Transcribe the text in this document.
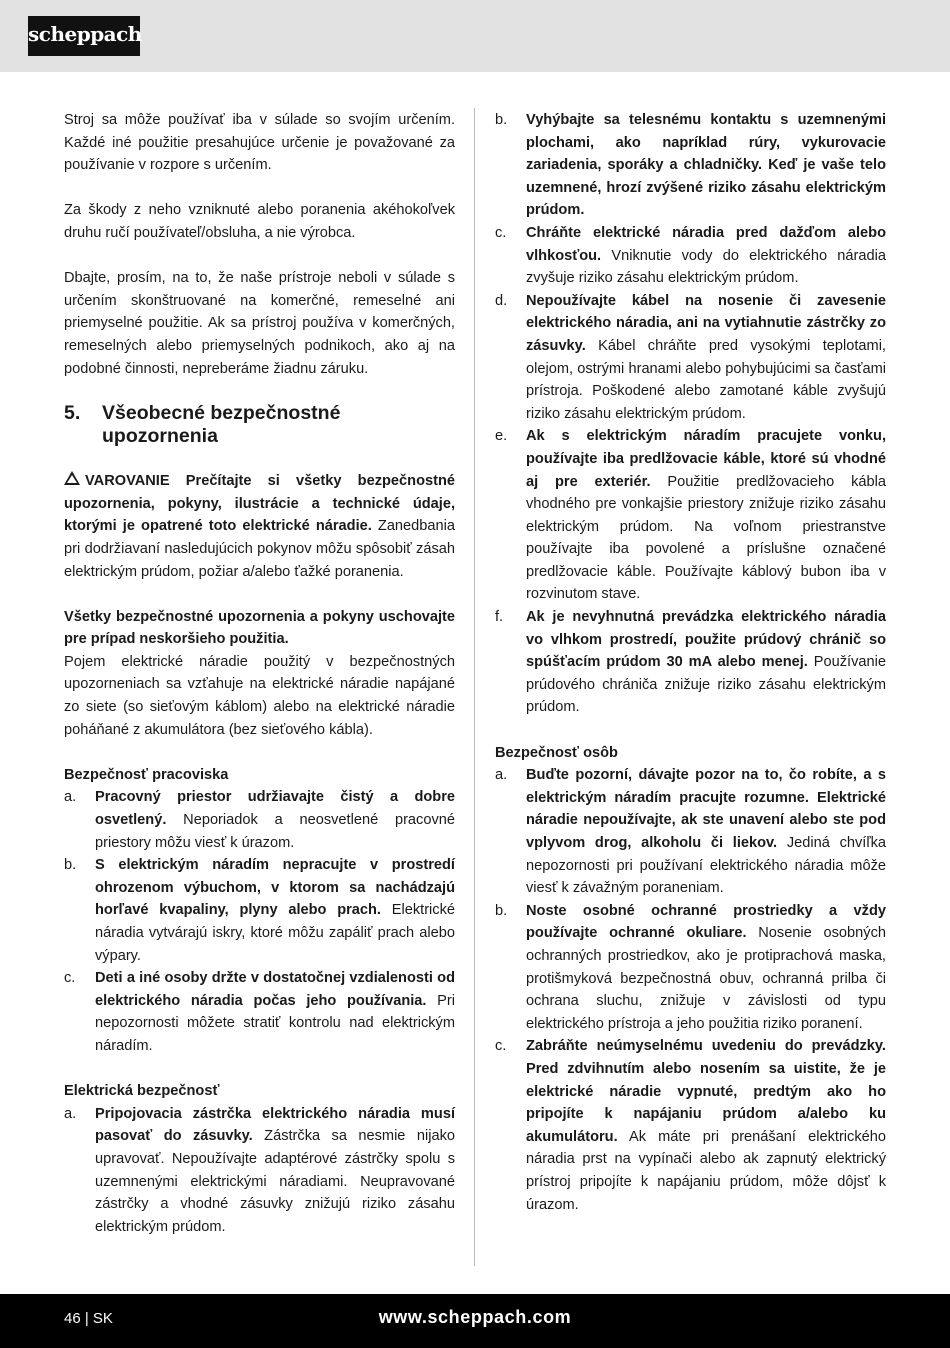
scheppach

Stroj sa môže používať iba v súlade so svojím určením. Každé iné použitie presahujúce určenie je považované za používanie v rozpore s určením.

Za škody z neho vzniknuté alebo poranenia akéhokoľvek druhu ručí používateľ/obsluha, a nie výrobca.

Dbajte, prosím, na to, že naše prístroje neboli v súlade s určením skonštruované na komerčné, remeselné ani priemyselné použitie. Ak sa prístroj používa v komerčných, remeselných alebo priemyselných podnikoch, ako aj na podobné činnosti, nepreberáme žiadnu záruku.

5.	Všeobecné bezpečnostné upozornenia

VAROVANIE Prečítajte si všetky bezpečnostné upozornenia, pokyny, ilustrácie a technické údaje, ktorými je opatrené toto elektrické náradie. Zanedbania pri dodržiavaní nasledujúcich pokynov môžu spôsobiť zásah elektrickým prúdom, požiar a/alebo ťažké poranenia.

Všetky bezpečnostné upozornenia a pokyny uschovajte pre prípad neskoršieho použitia.

Pojem elektrické náradie použitý v bezpečnostných upozorneniach sa vzťahuje na elektrické náradie napájané zo siete (so sieťovým káblom) alebo na elektrické náradie poháňané z akumulátora (bez sieťového kábla).

Bezpečnosť pracoviska

a.	Pracovný priestor udržiavajte čistý a dobre osvetlený. Neporiadok a neosvetlené pracovné priestory môžu viesť k úrazom.
b.	S elektrickým náradím nepracujte v prostredí ohrozenom výbuchom, v ktorom sa nachádzajú horľavé kvapaliny, plyny alebo prach. Elektrické náradia vytvárajú iskry, ktoré môžu zapáliť prach alebo výpary.
c.	Deti a iné osoby držte v dostatočnej vzdialenosti od elektrického náradia počas jeho používania. Pri nepozornosti môžete stratiť kontrolu nad elektrickým náradím.

Elektrická bezpečnosť

a.	Pripojovacia zástrčka elektrického náradia musí pasovať do zásuvky. Zástrčka sa nesmie nijako upravovať. Nepoužívajte adaptérové zástrčky spolu s uzemnenými elektrickými náradiami. Neupravované zástrčky a vhodné zásuvky znižujú riziko zásahu elektrickým prúdom.
b.	Vyhýbajte sa telesnému kontaktu s uzemnenými plochami, ako napríklad rúry, vykurovacie zariadenia, sporáky a chladničky. Keď je vaše telo uzemnené, hrozí zvýšené riziko zásahu elektrickým prúdom.
c.	Chráňte elektrické náradia pred dažďom alebo vlhkosťou. Vniknutie vody do elektrického náradia zvyšuje riziko zásahu elektrickým prúdom.
d.	Nepoužívajte kábel na nosenie či zavesenie elektrického náradia, ani na vytiahnutie zástrčky zo zásuvky. Kábel chráňte pred vysokými teplotami, olejom, ostrými hranami alebo pohybujúcimi sa časťami prístroja. Poškodené alebo zamotané káble zvyšujú riziko zásahu elektrickým prúdom.
e.	Ak s elektrickým náradím pracujete vonku, používajte iba predlžovacie káble, ktoré sú vhodné aj pre exteriér. Použitie predlžovacieho kábla vhodného pre vonkajšie priestory znižuje riziko zásahu elektrickým prúdom. Na voľnom priestranstve používajte iba povolené a príslušne označené predlžovacie káble. Používajte káblový bubon iba v rozvinutom stave.
f.	Ak je nevyhnutná prevádzka elektrického náradia vo vlhkom prostredí, použite prúdový chránič so spúšťacím prúdom 30 mA alebo menej. Používanie prúdového chrániča znižuje riziko zásahu elektrickým prúdom.

Bezpečnosť osôb

a.	Buďte pozorní, dávajte pozor na to, čo robíte, a s elektrickým náradím pracujte rozumne. Elektrické náradie nepoužívajte, ak ste unavení alebo ste pod vplyvom drog, alkoholu či liekov. Jediná chvíľka nepozornosti pri používaní elektrického náradia môže viesť k závažným poraneniam.
b.	Noste osobné ochranné prostriedky a vždy používajte ochranné okuliare. Nosenie osobných ochranných prostriedkov, ako je protiprachová maska, protišmyková bezpečnostná obuv, ochranná prilba či ochrana sluchu, znižuje v závislosti od typu elektrického prístroja a jeho použitia riziko poranení.
c.	Zabráňte neúmyselnému uvedeniu do prevádzky. Pred zdvihnutím alebo nosením sa uistite, že je elektrické náradie vypnuté, predtým ako ho pripojíte k napájaniu prúdom a/alebo ku akumulátoru. Ak máte pri prenášaní elektrického náradia prst na vypínači alebo ak zapnutý elektrický prístroj pripojíte k napájaniu prúdom, môže dôjsť k úrazom.
46 | SK	www.scheppach.com
